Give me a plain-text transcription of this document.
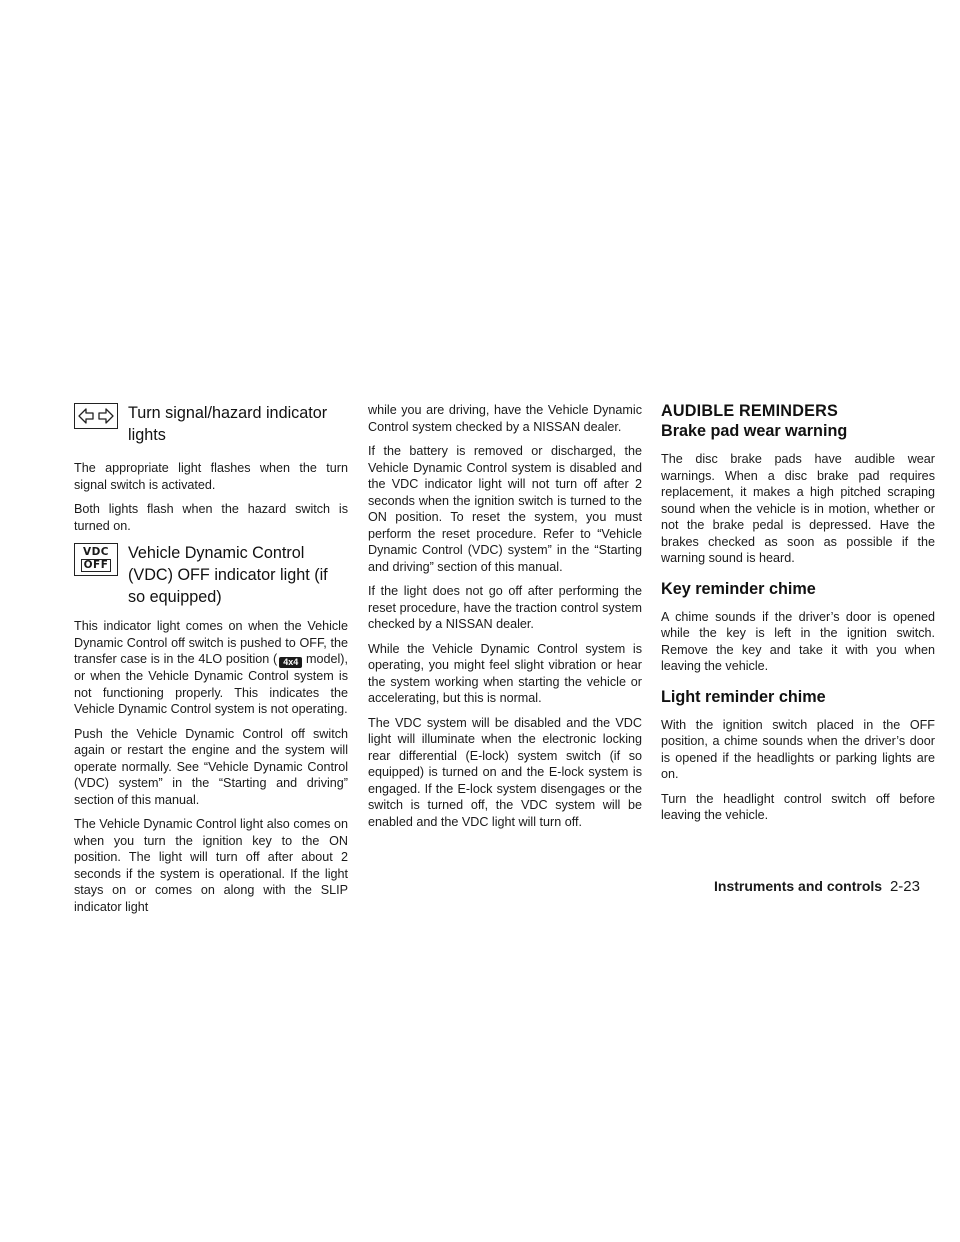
Turn signal/hazard indicator lights

The appropriate light flashes when the turn signal switch is activated.

Both lights flash when the hazard switch is turned on.

VDC
OFF
Vehicle Dynamic Control (VDC) OFF indicator light (if so equipped)

This indicator light comes on when the Vehicle Dynamic Control off switch is pushed to OFF, the transfer case is in the 4LO position ( 4x4 model), or when the Vehicle Dynamic Control system is not functioning properly. This indicates the Vehicle Dynamic Control system is not operating.

Push the Vehicle Dynamic Control off switch again or restart the engine and the system will operate normally. See “Vehicle Dynamic Control (VDC) system” in the “Starting and driving” section of this manual.

The Vehicle Dynamic Control light also comes on when you turn the ignition key to the ON position. The light will turn off after about 2 seconds if the system is operational. If the light stays on or comes on along with the SLIP indicator light

while you are driving, have the Vehicle Dynamic Control system checked by a NISSAN dealer.

If the battery is removed or discharged, the Vehicle Dynamic Control system is disabled and the VDC indicator light will not turn off after 2 seconds when the ignition switch is turned to the ON position. To reset the system, you must perform the reset procedure. Refer to “Vehicle Dynamic Control (VDC) system” in the “Starting and driving” section of this manual.

If the light does not go off after performing the reset procedure, have the traction control system checked by a NISSAN dealer.

While the Vehicle Dynamic Control system is operating, you might feel slight vibration or hear the system working when starting the vehicle or accelerating, but this is normal.

The VDC system will be disabled and the VDC light will illuminate when the electronic locking rear differential (E-lock) system switch (if so equipped) is turned on and the E-lock system is engaged. If the E-lock system disengages or the switch is turned off, the VDC system will be enabled and the VDC light will turn off.

AUDIBLE REMINDERS
Brake pad wear warning

The disc brake pads have audible wear warnings. When a disc brake pad requires replacement, it makes a high pitched scraping sound when the vehicle is in motion, whether or not the brake pedal is depressed. Have the brakes checked as soon as possible if the warning sound is heard.

Key reminder chime

A chime sounds if the driver’s door is opened while the key is left in the ignition switch. Remove the key and take it with you when leaving the vehicle.

Light reminder chime

With the ignition switch placed in the OFF position, a chime sounds when the driver’s door is opened if the headlights or parking lights are on.

Turn the headlight control switch off before leaving the vehicle.

Instruments and controls 2-23
